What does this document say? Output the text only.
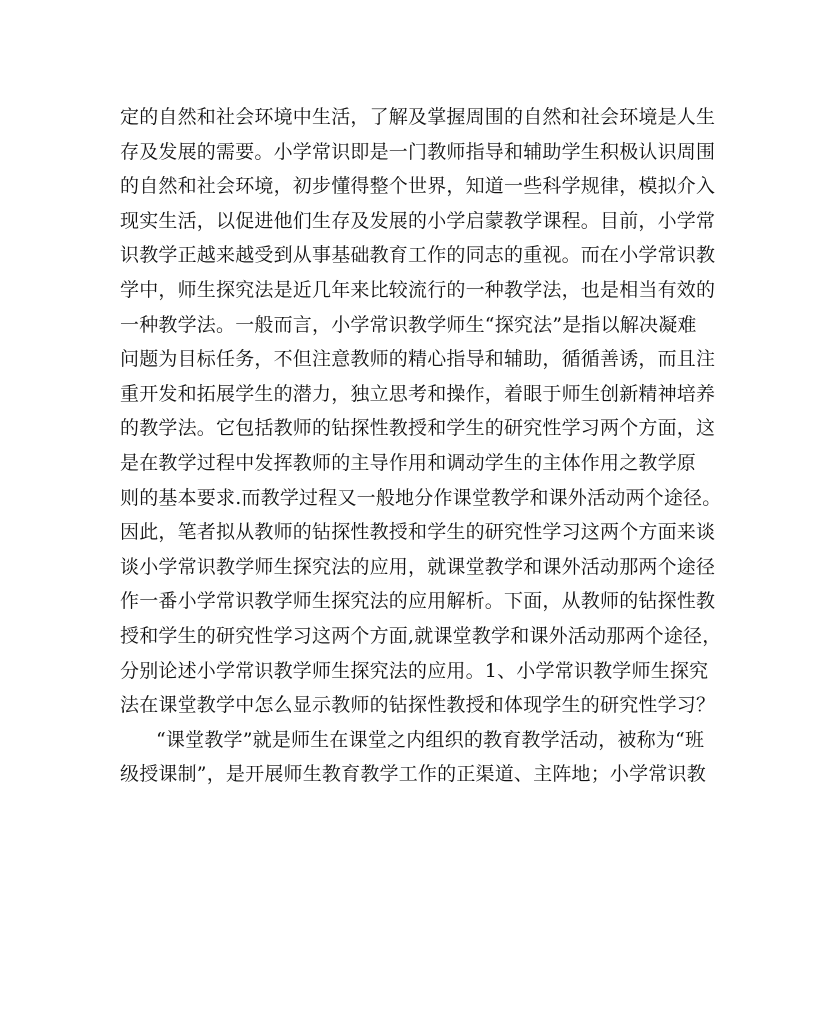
定的自然和社会环境中生活，了解及掌握周围的自然和社会环境是人生
存及发展的需要。小学常识即是一门教师指导和辅助学生积极认识周围
的自然和社会环境，初步懂得整个世界，知道一些科学规律，模拟介入
现实生活，以促进他们生存及发展的小学启蒙教学课程。目前，小学常
识教学正越来越受到从事基础教育工作的同志的重视。而在小学常识教
学中，师生探究法是近几年来比较流行的一种教学法，也是相当有效的
一种教学法。一般而言，小学常识教学师生“探究法”是指以解决凝难
问题为目标任务，不但注意教师的精心指导和辅助，循循善诱，而且注
重开发和拓展学生的潜力，独立思考和操作，着眼于师生创新精神培养
的教学法。它包括教师的钻探性教授和学生的研究性学习两个方面，这
是在教学过程中发挥教师的主导作用和调动学生的主体作用之教学原
则的基本要求.而教学过程又一般地分作课堂教学和课外活动两个途径。
因此，笔者拟从教师的钻探性教授和学生的研究性学习这两个方面来谈
谈小学常识教学师生探究法的应用，就课堂教学和课外活动那两个途径
作一番小学常识教学师生探究法的应用解析。下面，从教师的钻探性教
授和学生的研究性学习这两个方面,就课堂教学和课外活动那两个途径，
分别论述小学常识教学师生探究法的应用。1、小学常识教学师生探究
法在课堂教学中怎么显示教师的钻探性教授和体现学生的研究性学习？
“课堂教学”就是师生在课堂之内组织的教育教学活动，被称为“班
级授课制”，是开展师生教育教学工作的正渠道、主阵地；小学常识教
